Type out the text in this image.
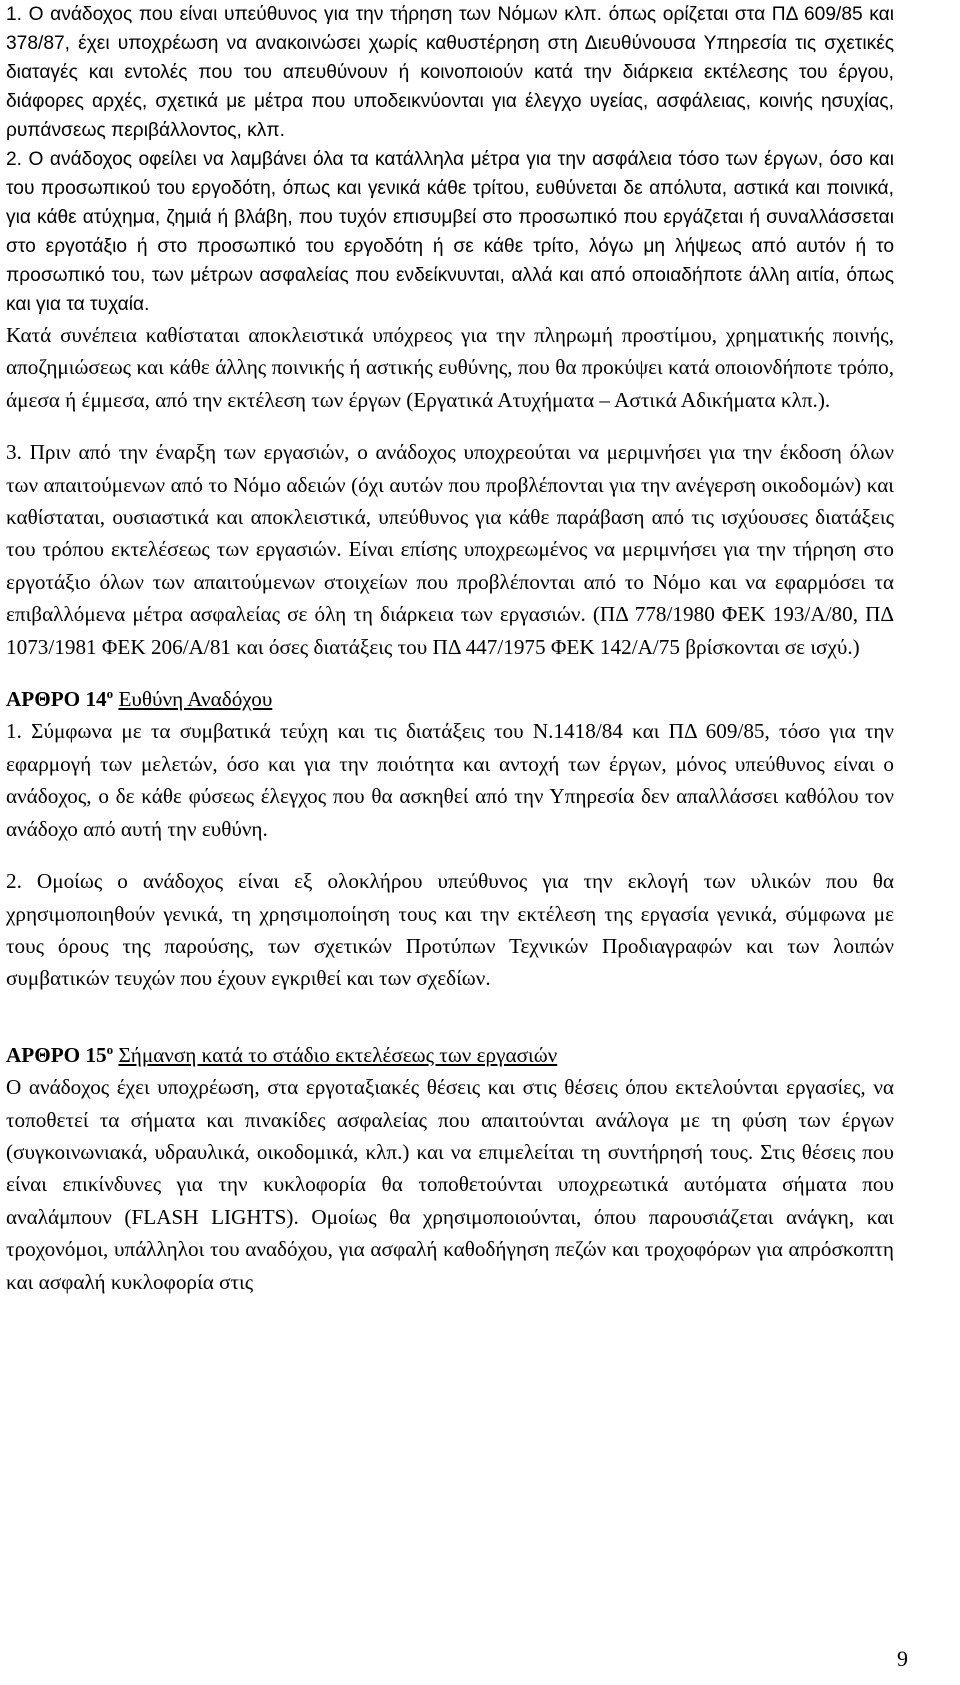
1. Ο ανάδοχος που είναι υπεύθυνος για την τήρηση των Νόμων κλπ. όπως ορίζεται στα ΠΔ 609/85 και 378/87, έχει υποχρέωση να ανακοινώσει χωρίς καθυστέρηση στη Διευθύνουσα Υπηρεσία τις σχετικές διαταγές και εντολές που του απευθύνουν ή κοινοποιούν κατά την διάρκεια εκτέλεσης του έργου, διάφορες αρχές, σχετικά με μέτρα που υποδεικνύονται για έλεγχο υγείας, ασφάλειας, κοινής ησυχίας, ρυπάνσεως περιβάλλοντος, κλπ.

2. Ο ανάδοχος οφείλει να λαμβάνει όλα τα κατάλληλα μέτρα για την ασφάλεια τόσο των έργων, όσο και του προσωπικού του εργοδότη, όπως και γενικά κάθε τρίτου, ευθύνεται δε απόλυτα, αστικά και ποινικά, για κάθε ατύχημα, ζημιά ή βλάβη, που τυχόν επισυμβεί στο προσωπικό που εργάζεται ή συναλλάσσεται στο εργοτάξιο ή στο προσωπικό του εργοδότη ή σε κάθε τρίτο, λόγω μη λήψεως από αυτόν ή το προσωπικό του, των μέτρων ασφαλείας που ενδείκνυνται, αλλά και από οποιαδήποτε άλλη αιτία, όπως και για τα τυχαία.

Κατά συνέπεια καθίσταται αποκλειστικά υπόχρεος για την πληρωμή προστίμου, χρηματικής ποινής, αποζημιώσεως και κάθε άλλης ποινικής ή αστικής ευθύνης, που θα προκύψει κατά οποιονδήποτε τρόπο, άμεσα ή έμμεσα, από την εκτέλεση των έργων (Εργατικά Ατυχήματα – Αστικά Αδικήματα κλπ.).

3. Πριν από την έναρξη των εργασιών, ο ανάδοχος υποχρεούται να μεριμνήσει για την έκδοση όλων των απαιτούμενων από το Νόμο αδειών (όχι αυτών που προβλέπονται για την ανέγερση οικοδομών) και καθίσταται, ουσιαστικά και αποκλειστικά, υπεύθυνος για κάθε παράβαση από τις ισχύουσες διατάξεις του τρόπου εκτελέσεως των εργασιών. Είναι επίσης υποχρεωμένος να μεριμνήσει για την τήρηση στο εργοτάξιο όλων των απαιτούμενων στοιχείων που προβλέπονται από το Νόμο και να εφαρμόσει τα επιβαλλόμενα μέτρα ασφαλείας σε όλη τη διάρκεια των εργασιών. (ΠΔ 778/1980 ΦΕΚ 193/Α/80, ΠΔ 1073/1981 ΦΕΚ 206/Α/81 και όσες διατάξεις του ΠΔ 447/1975 ΦΕΚ 142/Α/75 βρίσκονται σε ισχύ.)

ΑΡΘΡΟ $14^o$ Ευθύνη Αναδόχου

1. Σύμφωνα με τα συμβατικά τεύχη και τις διατάξεις του Ν.1418/84 και ΠΔ 609/85, τόσο για την εφαρμογή των μελετών, όσο και για την ποιότητα και αντοχή των έργων, μόνος υπεύθυνος είναι ο ανάδοχος, ο δε κάθε φύσεως έλεγχος που θα ασκηθεί από την Υπηρεσία δεν απαλλάσσει καθόλου τον ανάδοχο από αυτή την ευθύνη.

2. Ομοίως ο ανάδοχος είναι εξ ολοκλήρου υπεύθυνος για την εκλογή των υλικών που θα χρησιμοποιηθούν γενικά, τη χρησιμοποίηση τους και την εκτέλεση της εργασία γενικά, σύμφωνα με τους όρους της παρούσης, των σχετικών Προτύπων Τεχνικών Προδιαγραφών και των λοιπών συμβατικών τευχών που έχουν εγκριθεί και των σχεδίων.

ΑΡΘΡΟ $15^o$ Σήμανση κατά το στάδιο εκτελέσεως των εργασιών

Ο ανάδοχος έχει υποχρέωση, στα εργοταξιακές θέσεις και στις θέσεις όπου εκτελούνται εργασίες, να τοποθετεί τα σήματα και πινακίδες ασφαλείας που απαιτούνται ανάλογα με τη φύση των έργων (συγκοινωνιακά, υδραυλικά, οικοδομικά, κλπ.) και να επιμελείται τη συντήρησή τους. Στις θέσεις που είναι επικίνδυνες για την κυκλοφορία θα τοποθετούνται υποχρεωτικά αυτόματα σήματα που αναλάμπουν (FLASH LIGHTS). Ομοίως θα χρησιμοποιούνται, όπου παρουσιάζεται ανάγκη, και τροχονόμοι, υπάλληλοι του αναδόχου, για ασφαλή καθοδήγηση πεζών και τροχοφόρων για απρόσκοπτη και ασφαλή κυκλοφορία στις

9
